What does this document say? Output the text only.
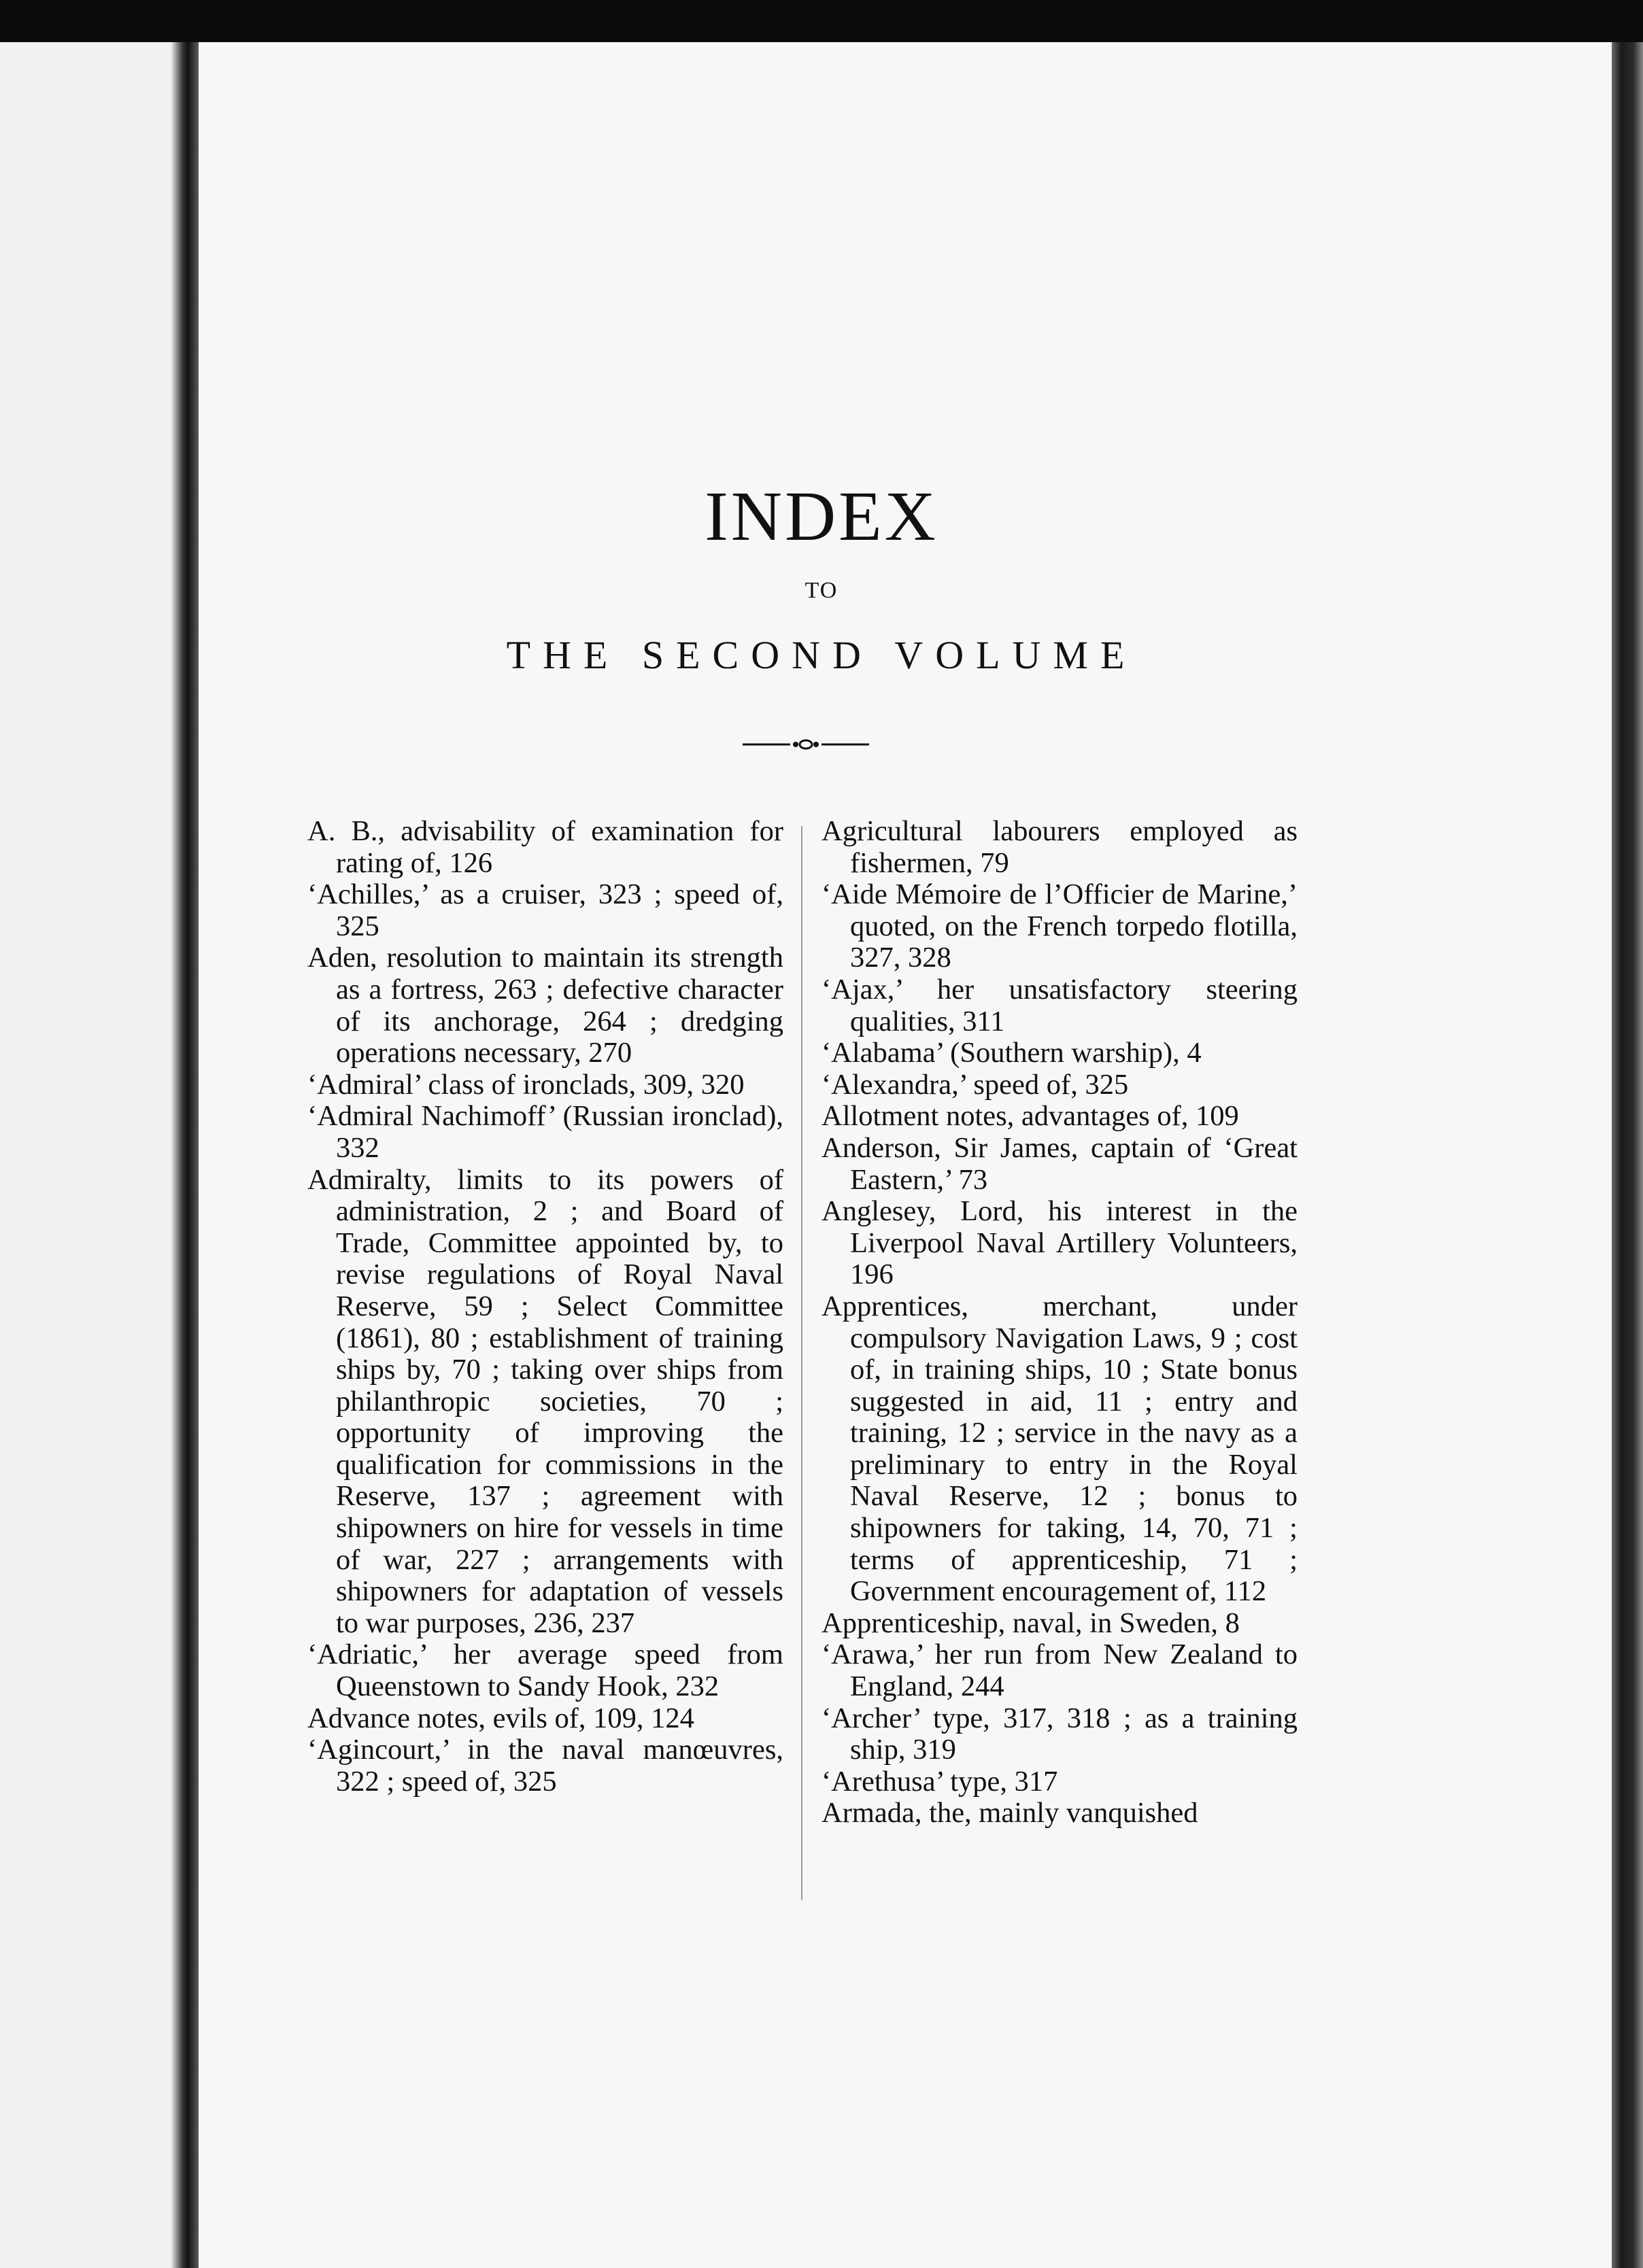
INDEX
TO
THE SECOND VOLUME

A. B., advisability of examination for rating of, 126

‘Achilles,’ as a cruiser, 323 ; speed of, 325

Aden, resolution to maintain its strength as a fortress, 263 ; defective character of its anchorage, 264 ; dredging operations necessary, 270

‘Admiral’ class of ironclads, 309, 320

‘Admiral Nachimoff’ (Russian ironclad), 332

Admiralty, limits to its powers of administration, 2 ; and Board of Trade, Committee appointed by, to revise regulations of Royal Naval Reserve, 59 ; Select Committee (1861), 80 ; establishment of training ships by, 70 ; taking over ships from philanthropic societies, 70 ; opportunity of improving the qualification for commissions in the Reserve, 137 ; agreement with shipowners on hire for vessels in time of war, 227 ; arrangements with shipowners for adaptation of vessels to war purposes, 236, 237

‘Adriatic,’ her average speed from Queenstown to Sandy Hook, 232

Advance notes, evils of, 109, 124

‘Agincourt,’ in the naval manœuvres, 322 ; speed of, 325

Agricultural labourers employed as fishermen, 79

‘Aide Mémoire de l’Officier de Marine,’ quoted, on the French torpedo flotilla, 327, 328

‘Ajax,’ her unsatisfactory steering qualities, 311

‘Alabama’ (Southern warship), 4

‘Alexandra,’ speed of, 325

Allotment notes, advantages of, 109

Anderson, Sir James, captain of ‘Great Eastern,’ 73

Anglesey, Lord, his interest in the Liverpool Naval Artillery Volunteers, 196

Apprentices, merchant, under compulsory Navigation Laws, 9 ; cost of, in training ships, 10 ; State bonus suggested in aid, 11 ; entry and training, 12 ; service in the navy as a preliminary to entry in the Royal Naval Reserve, 12 ; bonus to shipowners for taking, 14, 70, 71 ; terms of apprenticeship, 71 ; Government encouragement of, 112

Apprenticeship, naval, in Sweden, 8

‘Arawa,’ her run from New Zealand to England, 244

‘Archer’ type, 317, 318 ; as a training ship, 319

‘Arethusa’ type, 317

Armada, the, mainly vanquished
